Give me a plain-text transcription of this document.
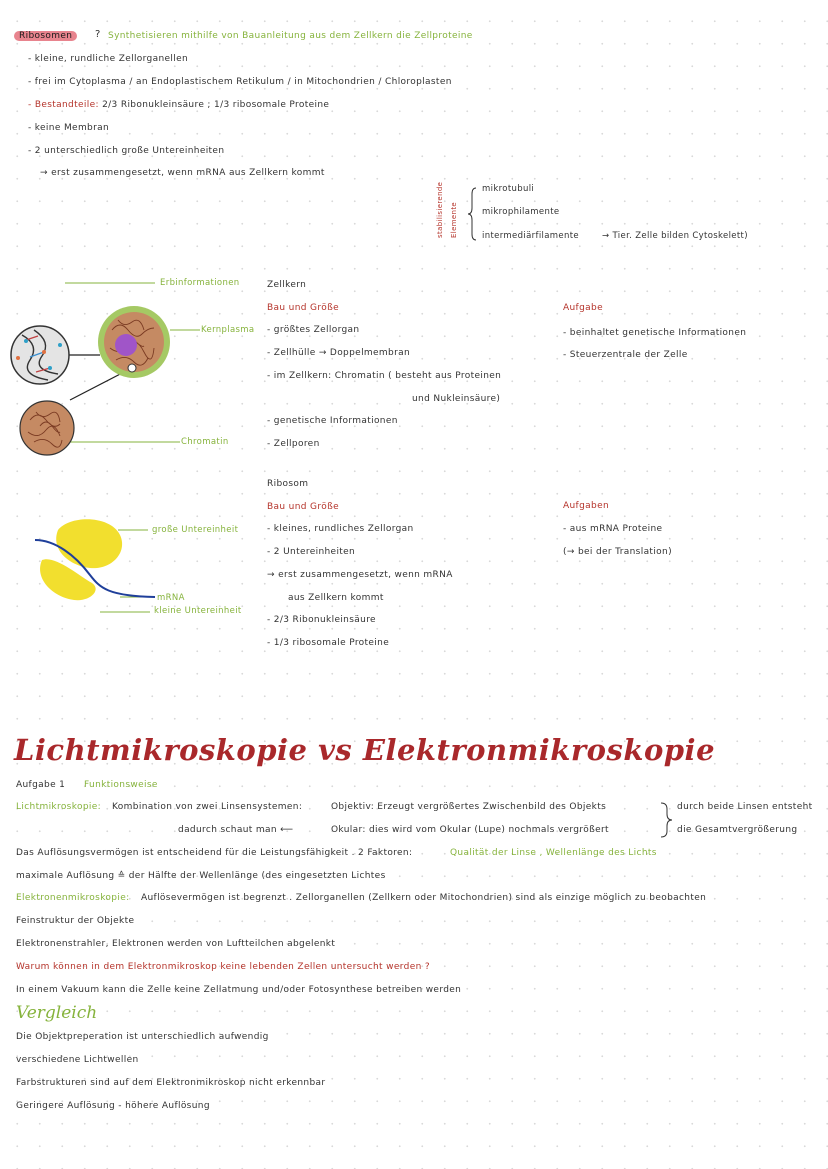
Ribosomen	? Synthetisieren mithilfe von Bauanleitung aus dem Zellkern die Zellproteine
- kleine, rundliche Zellorganellen
- frei im Cytoplasma / an Endoplastischem Retikulum / in Mitochondrien / Chloroplasten
- Bestandteile: 2/3 Ribonukleinsäure ; 1/3 ribosomale Proteine
- keine Membran
- 2 unterschiedlich große Untereinheiten
→ erst zusammengesetzt, wenn mRNA aus Zellkern kommt
stabilisierende Elemente
mikrotubuli
mikrophilamente
intermediärfilamente	→ Tier. Zelle bilden Cytoskelett)
Erbinformationen
Kernplasma
Chromatin
Zellkern
Bau und Größe	Aufgabe
- größtes Zellorgan
- Zellhülle → Doppelmembran
- im Zellkern: Chromatin ( besteht aus Proteinen
und Nukleinsäure)
- genetische Informationen
- Zellporen
- beinhaltet genetische Informationen
- Steuerzentrale der Zelle
große Untereinheit
mRNA
kleine Untereinheit
Ribosom
Bau und Größe	Aufgaben
- kleines, rundliches Zellorgan
- 2 Untereinheiten
→ erst zusammengesetzt, wenn mRNA
aus Zellkern kommt
- 2/3 Ribonukleinsäure
- 1/3 ribosomale Proteine
- aus mRNA Proteine
(→ bei der Translation)
Lichtmikroskopie vs Elektronmikroskopie
Aufgabe 1 Funktionsweise
Lichtmikroskopie: Kombination von zwei Linsensystemen:	Objektiv: Erzeugt vergrößertes Zwischenbild des Objekts
dadurch schaut man ⟵	Okular: dies wird vom Okular (Lupe) nochmals vergrößert
durch beide Linsen entsteht
die Gesamtvergrößerung
Das Auflösungsvermögen ist entscheidend für die Leistungsfähigkeit . 2 Faktoren:	Qualität der Linse , Wellenlänge des Lichts
maximale Auflösung ≙ der Hälfte der Wellenlänge (des eingesetzten Lichtes
Elektronenmikroskopie: Auflösevermögen ist begrenzt . Zellorganellen (Zellkern oder Mitochondrien) sind als einzige möglich zu beobachten
Feinstruktur der Objekte
Elektronenstrahler, Elektronen werden von Luftteilchen abgelenkt
Warum können in dem Elektronmikroskop keine lebenden Zellen untersucht werden ?
In einem Vakuum kann die Zelle keine Zellatmung und/oder Fotosynthese betreiben werden
Vergleich
Die Objektpreperation ist unterschiedlich aufwendig
verschiedene Lichtwellen
Farbstrukturen sind auf dem Elektronmikroskop nicht erkennbar
Geringere Auflösung - höhere Auflösung
